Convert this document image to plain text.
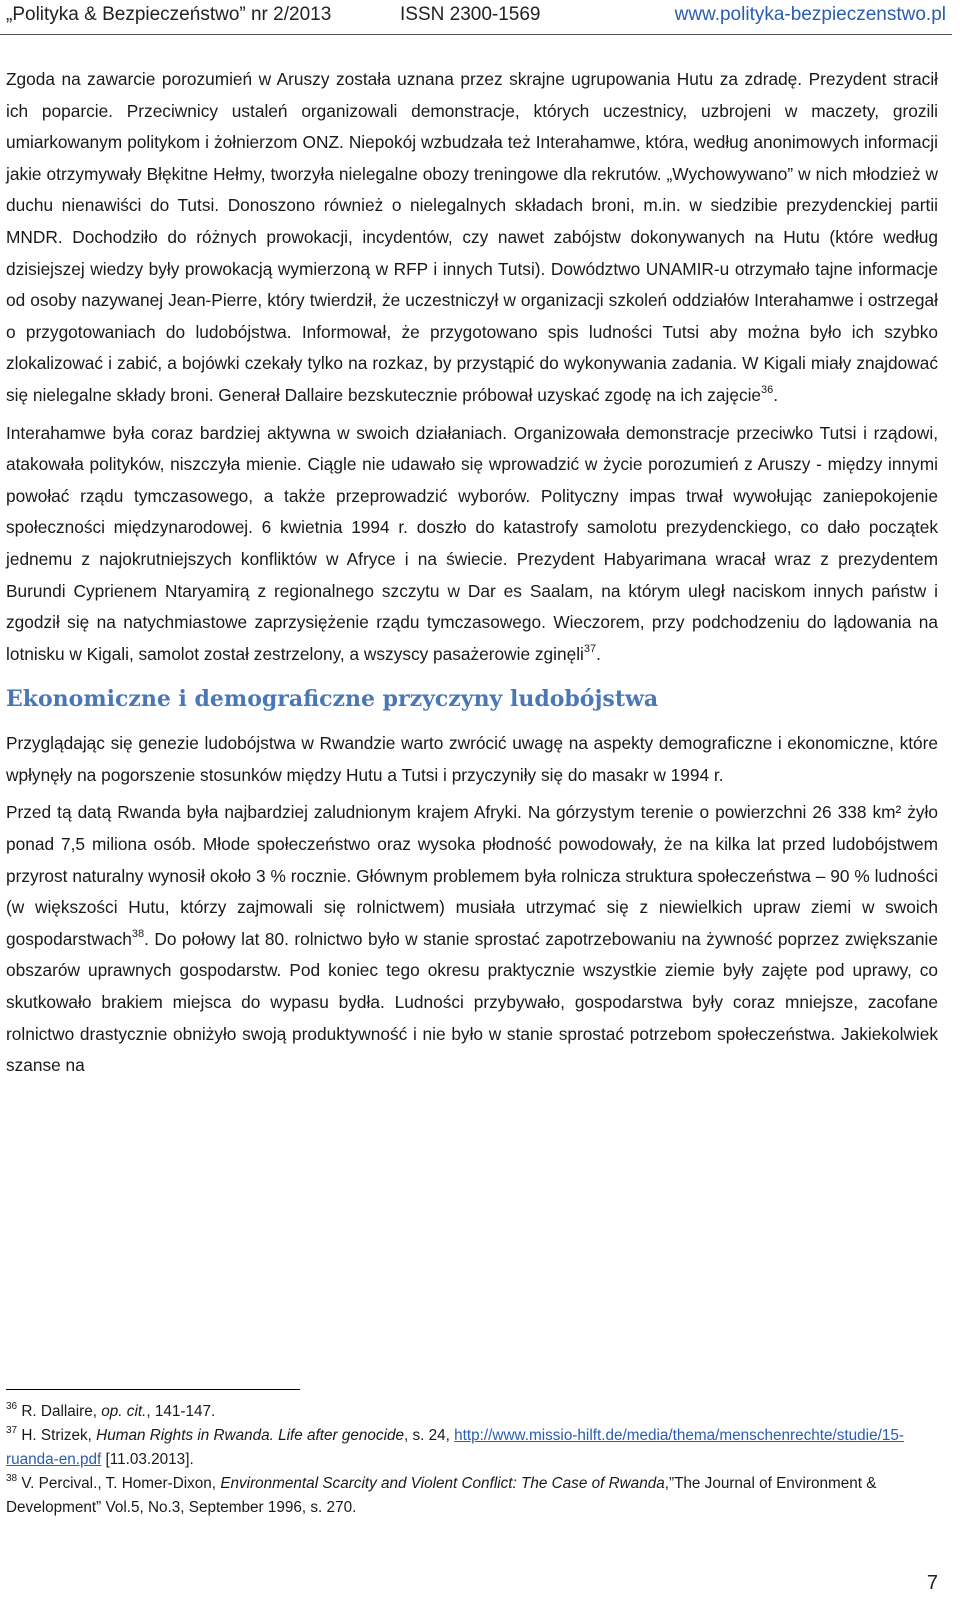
„Polityka & Bezpieczeństwo” nr 2/2013	ISSN 2300-1569	www.polityka-bezpieczenstwo.pl

Zgoda na zawarcie porozumień w Aruszy została uznana przez skrajne ugrupowania Hutu za zdradę. Prezydent stracił ich poparcie. Przeciwnicy ustaleń organizowali demonstracje, których uczestnicy, uzbrojeni w maczety, grozili umiarkowanym politykom i żołnierzom ONZ. Niepokój wzbudzała też Interahamwe, która, według anonimowych informacji jakie otrzymywały Błękitne Hełmy, tworzyła nielegalne obozy treningowe dla rekrutów. „Wychowywano” w nich młodzież w duchu nienawiści do Tutsi. Donoszono również o nielegalnych składach broni, m.in. w siedzibie prezydenckiej partii MNDR. Dochodziło do różnych prowokacji, incydentów, czy nawet zabójstw dokonywanych na Hutu (które według dzisiejszej wiedzy były prowokacją wymierzoną w RFP i innych Tutsi). Dowództwo UNAMIR-u otrzymało tajne informacje od osoby nazywanej Jean-Pierre, który twierdził, że uczestniczył w organizacji szkoleń oddziałów Interahamwe i ostrzegał o przygotowaniach do ludobójstwa. Informował, że przygotowano spis ludności Tutsi aby można było ich szybko zlokalizować i zabić, a bojówki czekały tylko na rozkaz, by przystąpić do wykonywania zadania. W Kigali miały znajdować się nielegalne składy broni. Generał Dallaire bezskutecznie próbował uzyskać zgodę na ich zajęcie$^{36}$.

Interahamwe była coraz bardziej aktywna w swoich działaniach. Organizowała demonstracje przeciwko Tutsi i rządowi, atakowała polityków, niszczyła mienie. Ciągle nie udawało się wprowadzić w życie porozumień z Aruszy - między innymi powołać rządu tymczasowego, a także przeprowadzić wyborów. Polityczny impas trwał wywołując zaniepokojenie społeczności międzynarodowej. 6 kwietnia 1994 r. doszło do katastrofy samolotu prezydenckiego, co dało początek jednemu z najokrutniejszych konfliktów w Afryce i na świecie. Prezydent Habyarimana wracał wraz z prezydentem Burundi Cyprienem Ntaryamirą z regionalnego szczytu w Dar es Saalam, na którym uległ naciskom innych państw i zgodził się na natychmiastowe zaprzysiężenie rządu tymczasowego. Wieczorem, przy podchodzeniu do lądowania na lotnisku w Kigali, samolot został zestrzelony, a wszyscy pasażerowie zginęli$^{37}$.

Ekonomiczne i demograficzne przyczyny ludobójstwa

Przyglądając się genezie ludobójstwa w Rwandzie warto zwrócić uwagę na aspekty demograficzne i ekonomiczne, które wpłynęły na pogorszenie stosunków między Hutu a Tutsi i przyczyniły się do masakr w 1994 r.

Przed tą datą Rwanda była najbardziej zaludnionym krajem Afryki. Na górzystym terenie o powierzchni 26 338 km² żyło ponad 7,5 miliona osób. Młode społeczeństwo oraz wysoka płodność powodowały, że na kilka lat przed ludobójstwem przyrost naturalny wynosił około 3 % rocznie. Głównym problemem była rolnicza struktura społeczeństwa – 90 % ludności (w większości Hutu, którzy zajmowali się rolnictwem) musiała utrzymać się z niewielkich upraw ziemi w swoich gospodarstwach$^{38}$. Do połowy lat 80. rolnictwo było w stanie sprostać zapotrzebowaniu na żywność poprzez zwiększanie obszarów uprawnych gospodarstw. Pod koniec tego okresu praktycznie wszystkie ziemie były zajęte pod uprawy, co skutkowało brakiem miejsca do wypasu bydła. Ludności przybywało, gospodarstwa były coraz mniejsze, zacofane rolnictwo drastycznie obniżyło swoją produktywność i nie było w stanie sprostać potrzebom społeczeństwa. Jakiekolwiek szanse na

$^{36}$ R. Dallaire, op. cit., 141-147.

$^{37}$ H. Strizek, Human Rights in Rwanda. Life after genocide, s. 24, http://www.missio-hilft.de/media/thema/menschenrechte/studie/15-ruanda-en.pdf [11.03.2013].

$^{38}$ V. Percival., T. Homer-Dixon, Environmental Scarcity and Violent Conflict: The Case of Rwanda,”The Journal of Environment & Development” Vol.5, No.3, September 1996, s. 270.

7
